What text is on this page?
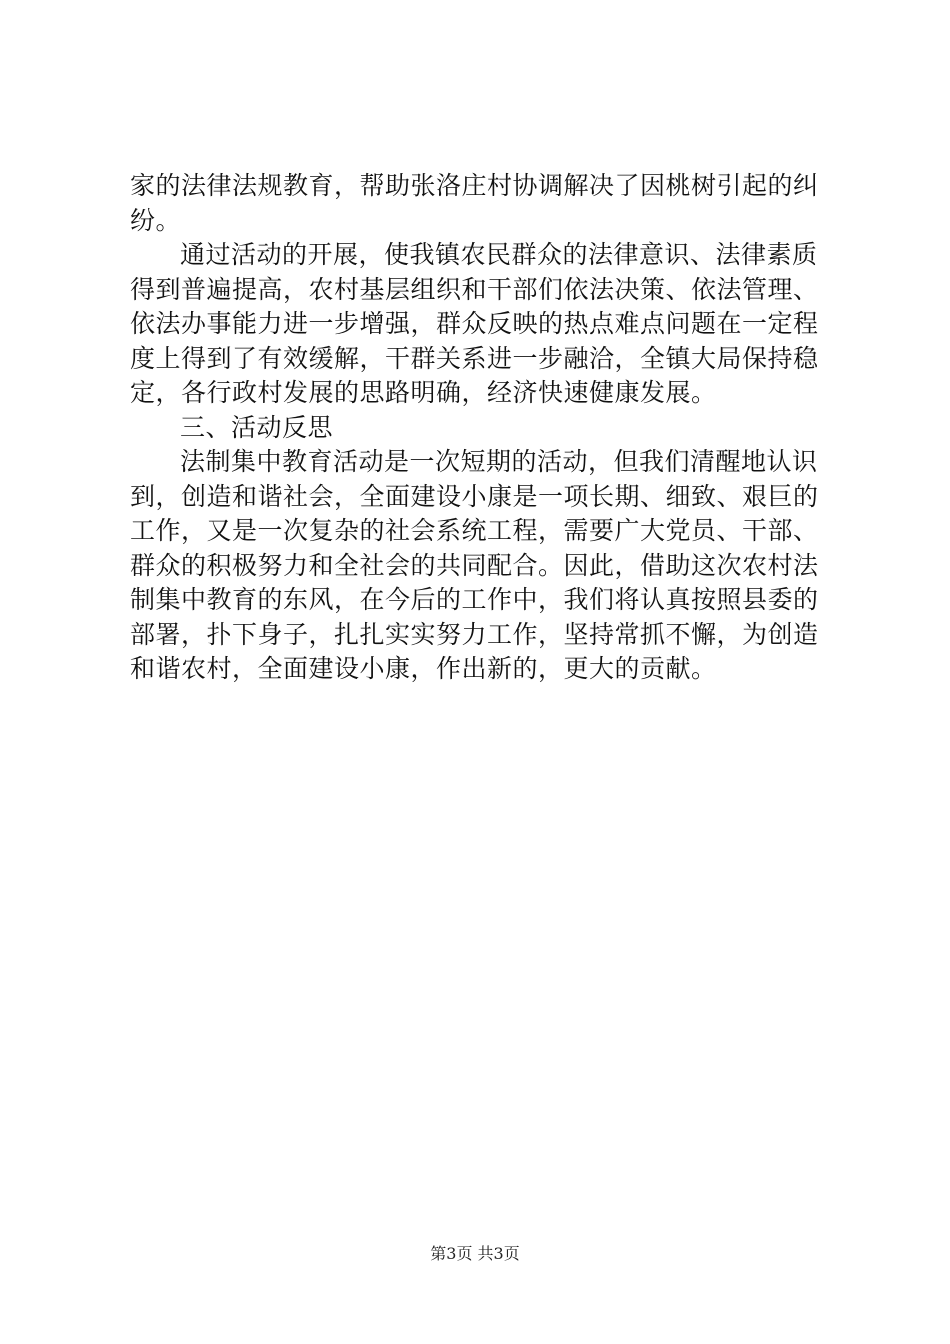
家的法律法规教育，帮助张洛庄村协调解决了因桃树引起的纠
纷。
通过活动的开展，使我镇农民群众的法律意识、法律素质
得到普遍提高，农村基层组织和干部们依法决策、依法管理、
依法办事能力进一步增强，群众反映的热点难点问题在一定程
度上得到了有效缓解，干群关系进一步融洽，全镇大局保持稳
定，各行政村发展的思路明确，经济快速健康发展。
三、活动反思
法制集中教育活动是一次短期的活动，但我们清醒地认识
到，创造和谐社会，全面建设小康是一项长期、细致、艰巨的
工作，又是一次复杂的社会系统工程，需要广大党员、干部、
群众的积极努力和全社会的共同配合。因此，借助这次农村法
制集中教育的东风，在今后的工作中，我们将认真按照县委的
部署，扑下身子，扎扎实实努力工作，坚持常抓不懈，为创造
和谐农村，全面建设小康，作出新的，更大的贡献。
第3页 共3页
